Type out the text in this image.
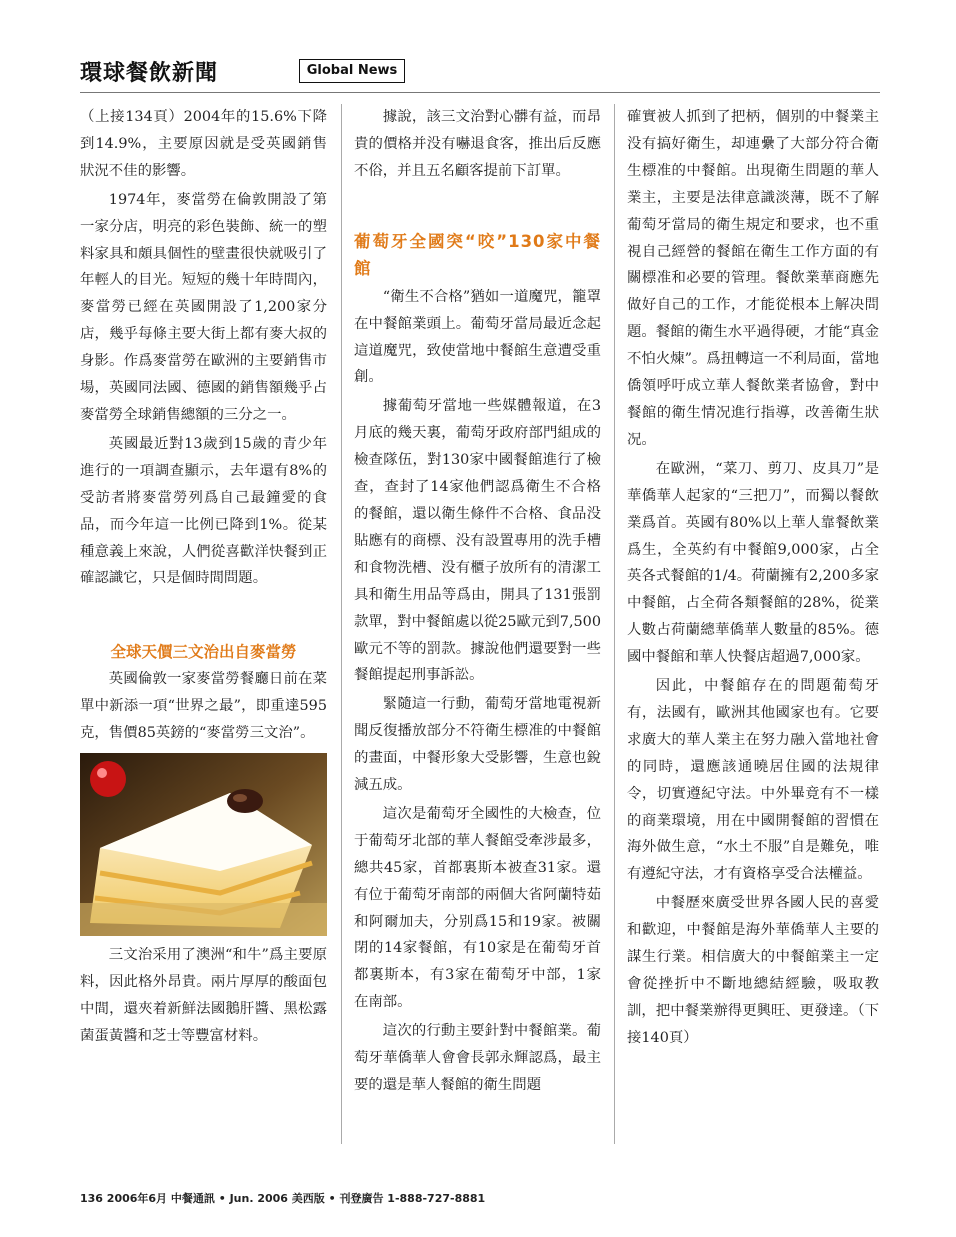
環球餐飲新聞	Global News

（上接134頁）2004年的15.6%下降到14.9%，主要原因就是受英國銷售狀況不佳的影響。

1974年，麥當勞在倫敦開設了第一家分店，明亮的彩色裝飾、統一的塑料家具和頗具個性的壁畫很快就吸引了年輕人的目光。短短的幾十年時間內，麥當勞已經在英國開設了1,200家分店，幾乎每條主要大街上都有麥大叔的身影。作爲麥當勞在歐洲的主要銷售市場，英國同法國、德國的銷售額幾乎占麥當勞全球銷售總額的三分之一。

英國最近對13歲到15歲的青少年進行的一項調查顯示，去年還有8%的受訪者將麥當勞列爲自己最鐘愛的食品，而今年這一比例已降到1%。從某種意義上來說，人們從喜歡洋快餐到正確認識它，只是個時間問題。

全球天價三文治出自麥當勞

英國倫敦一家麥當勞餐廳日前在菜單中新添一項“世界之最”，即重達595克，售價85英鎊的“麥當勞三文治”。

三文治采用了澳洲“和牛”爲主要原料，因此格外昂貴。兩片厚厚的酸面包中間，還夾着新鮮法國鵝肝醬、黑松露菌蛋黃醬和芝士等豐富材料。

據說，該三文治對心髒有益，而昂貴的價格并没有嚇退食客，推出后反應不俗，并且五名顧客提前下訂單。

葡萄牙全國突“咬”130家中餐館

“衛生不合格”猶如一道魔咒，籠罩在中餐館業頭上。葡萄牙當局最近念起這道魔咒，致使當地中餐館生意遭受重創。

據葡萄牙當地一些媒體報道，在3月底的幾天裏，葡萄牙政府部門組成的檢查隊伍，對130家中國餐館進行了檢查，查封了14家他們認爲衛生不合格的餐館，還以衛生條件不合格、食品没貼應有的商標、没有設置專用的洗手槽和食物洗槽、没有櫃子放所有的清潔工具和衛生用品等爲由，開具了131張罰款單，對中餐館處以從25歐元到7,500歐元不等的罰款。據說他們還要對一些餐館提起刑事訴訟。

緊隨這一行動，葡萄牙當地電視新聞反復播放部分不符衛生標准的中餐館的畫面，中餐形象大受影響，生意也銳減五成。

這次是葡萄牙全國性的大檢查，位于葡萄牙北部的華人餐館受牽涉最多，總共45家，首都裏斯本被查31家。還有位于葡萄牙南部的兩個大省阿蘭特茹和阿爾加夫，分别爲15和19家。被關閉的14家餐館，有10家是在葡萄牙首都裏斯本，有3家在葡萄牙中部，1家在南部。

這次的行動主要針對中餐館業。葡萄牙華僑華人會會長郭永輝認爲，最主要的還是華人餐館的衛生問題

確實被人抓到了把柄，個别的中餐業主没有搞好衛生，却連纍了大部分符合衛生標准的中餐館。出現衛生問題的華人業主，主要是法律意識淡薄，既不了解葡萄牙當局的衛生規定和要求，也不重視自己經營的餐館在衛生工作方面的有關標准和必要的管理。餐飲業華商應先做好自己的工作，才能從根本上解决問題。餐館的衛生水平過得硬，才能“真金不怕火煉”。爲扭轉這一不利局面，當地僑領呼吁成立華人餐飲業者協會，對中餐館的衛生情况進行指導，改善衛生狀况。

在歐洲，“菜刀、剪刀、皮具刀”是華僑華人起家的“三把刀”，而獨以餐飲業爲首。英國有80%以上華人靠餐飲業爲生，全英約有中餐館9,000家，占全英各式餐館的1/4。荷蘭擁有2,200多家中餐館，占全荷各類餐館的28%，從業人數占荷蘭總華僑華人數量的85%。德國中餐館和華人快餐店超過7,000家。

因此，中餐館存在的問題葡萄牙有，法國有，歐洲其他國家也有。它要求廣大的華人業主在努力融入當地社會的同時，還應該通曉居住國的法規律令，切實遵紀守法。中外畢竟有不一樣的商業環境，用在中國開餐館的習慣在海外做生意，“水土不服”自是難免，唯有遵紀守法，才有資格享受合法權益。

中餐歷來廣受世界各國人民的喜愛和歡迎，中餐館是海外華僑華人主要的謀生行業。相信廣大的中餐館業主一定會從挫折中不斷地總結經驗，吸取教訓，把中餐業辦得更興旺、更發達。（下接140頁）

136 2006年6月 中餐通訊 • Jun. 2006 美西版 • 刊登廣告 1-888-727-8881
